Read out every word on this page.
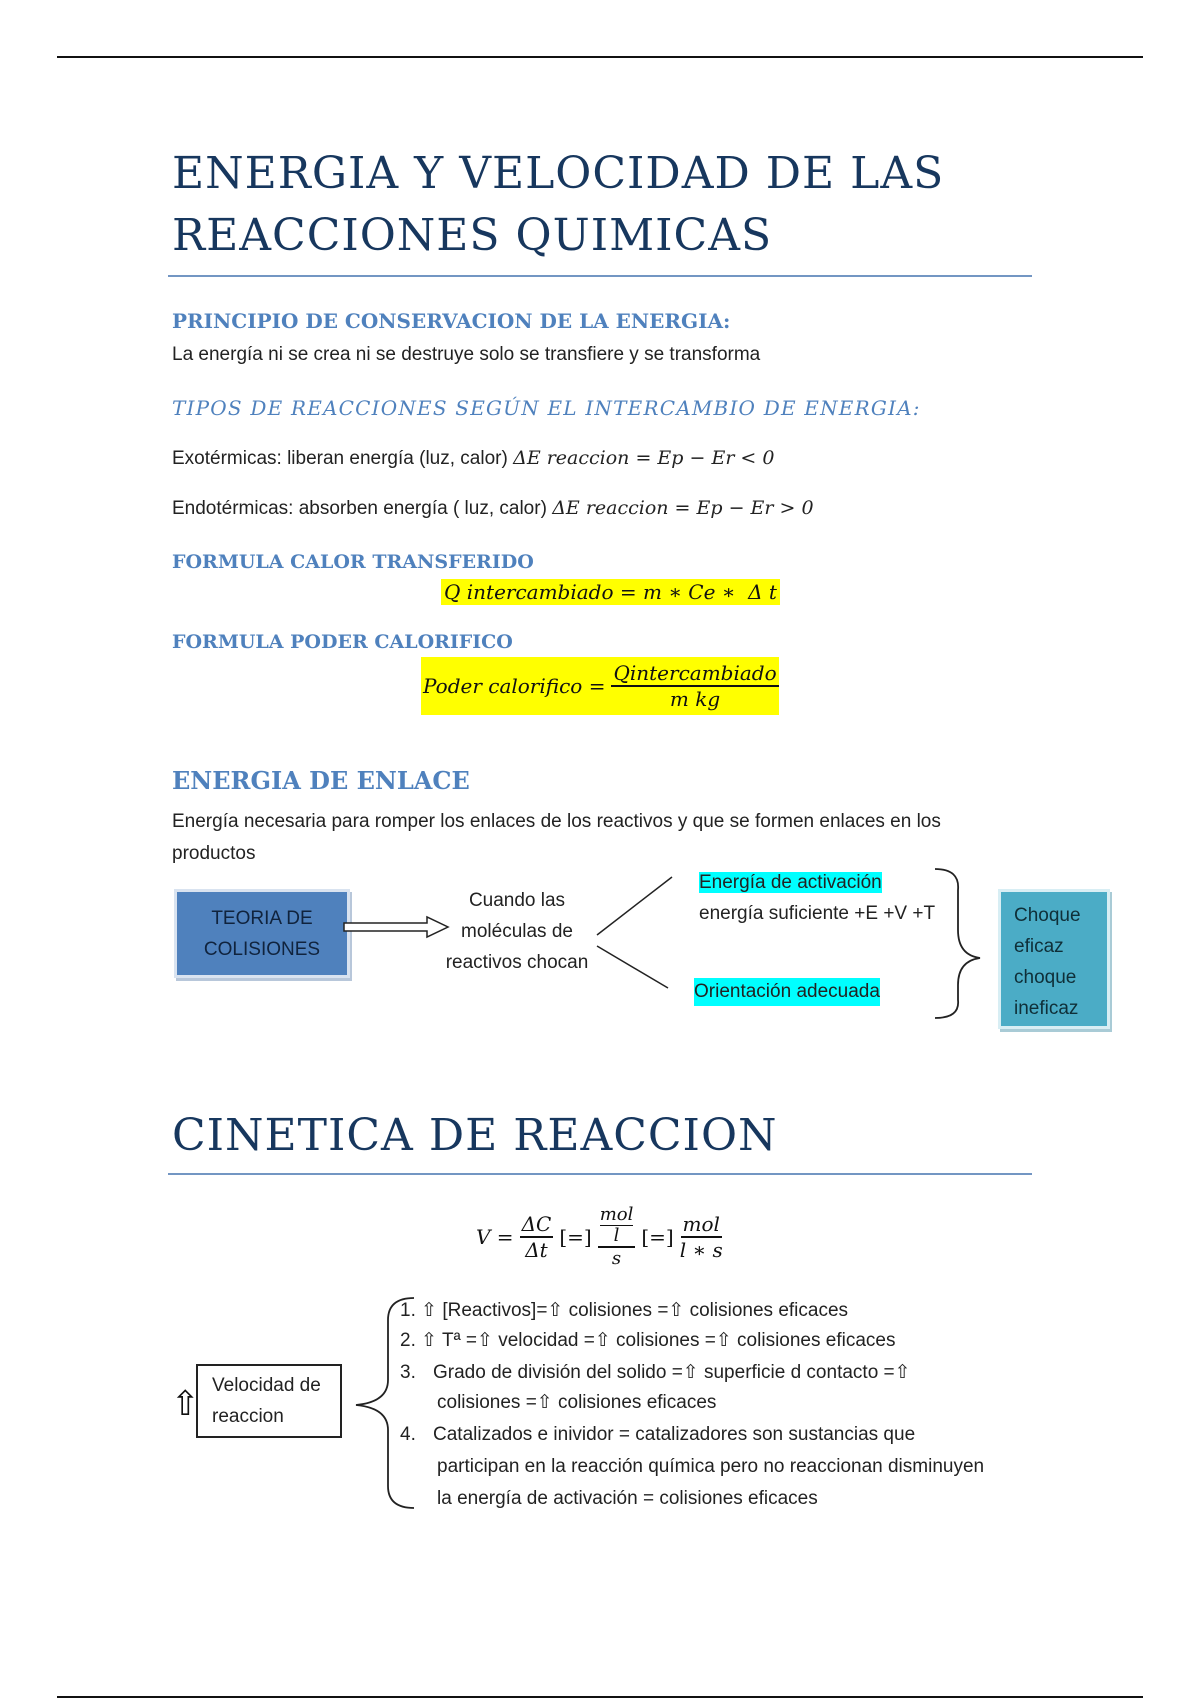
ENERGIA Y VELOCIDAD DE LAS
REACCIONES QUIMICAS
PRINCIPIO DE CONSERVACION DE LA ENERGIA:
La energía ni se crea ni se destruye solo se transfiere y se transforma
TIPOS DE REACCIONES SEGÚN EL INTERCAMBIO DE ENERGIA:
Exotérmicas: liberan energía (luz, calor) ΔE reaccion = Ep − Er < 0
Endotérmicas: absorben energía ( luz, calor) ΔE reaccion = Ep − Er > 0
FORMULA CALOR TRANSFERIDO
Q intercambiado = m ∗ Ce ∗  Δ t
FORMULA PODER CALORIFICO
Poder calorifico = $\frac{\text{Qintercambiado}}{\text{m kg}}$
ENERGIA DE ENLACE
Energía necesaria para romper los enlaces de los reactivos y que se formen enlaces en los
productos
TEORIA DE
COLISIONES
Cuando las
moléculas de
reactivos chocan
Energía de activación
energía suficiente +E +V +T
Orientación adecuada
Choque
eficaz
choque
ineficaz
CINETICA DE REACCION
$V = \frac{\Delta C}{\Delta t}$ [=] mol
l
s [=] $\frac{\text{mol}}{l ∗ s}$
⇧ Velocidad de
reaccion
1. ⇧ [Reactivos]=⇧ colisiones =⇧ colisiones eficaces
2. ⇧ Tª =⇧ velocidad =⇧ colisiones =⇧ colisiones eficaces
3. Grado de división del solido =⇧ superficie d contacto =⇧
colisiones =⇧ colisiones eficaces
4. Catalizados e inividor = catalizadores son sustancias que
participan en la reacción química pero no reaccionan disminuyen
la energía de activación = colisiones eficaces
